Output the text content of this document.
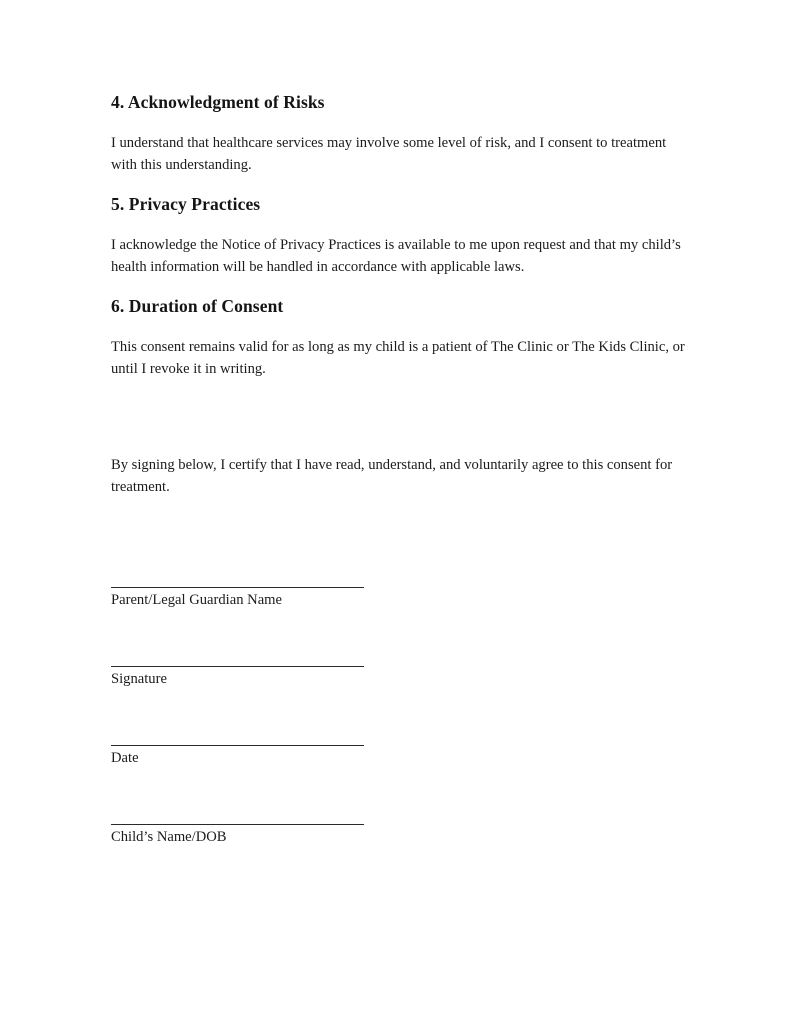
4. Acknowledgment of Risks

I understand that healthcare services may involve some level of risk, and I consent to treatment with this understanding.

5. Privacy Practices

I acknowledge the Notice of Privacy Practices is available to me upon request and that my child’s health information will be handled in accordance with applicable laws.

6. Duration of Consent

This consent remains valid for as long as my child is a patient of The Clinic or The Kids Clinic, or until I revoke it in writing.

By signing below, I certify that I have read, understand, and voluntarily agree to this consent for treatment.

Parent/Legal Guardian Name
Signature
Date
Child’s Name/DOB
